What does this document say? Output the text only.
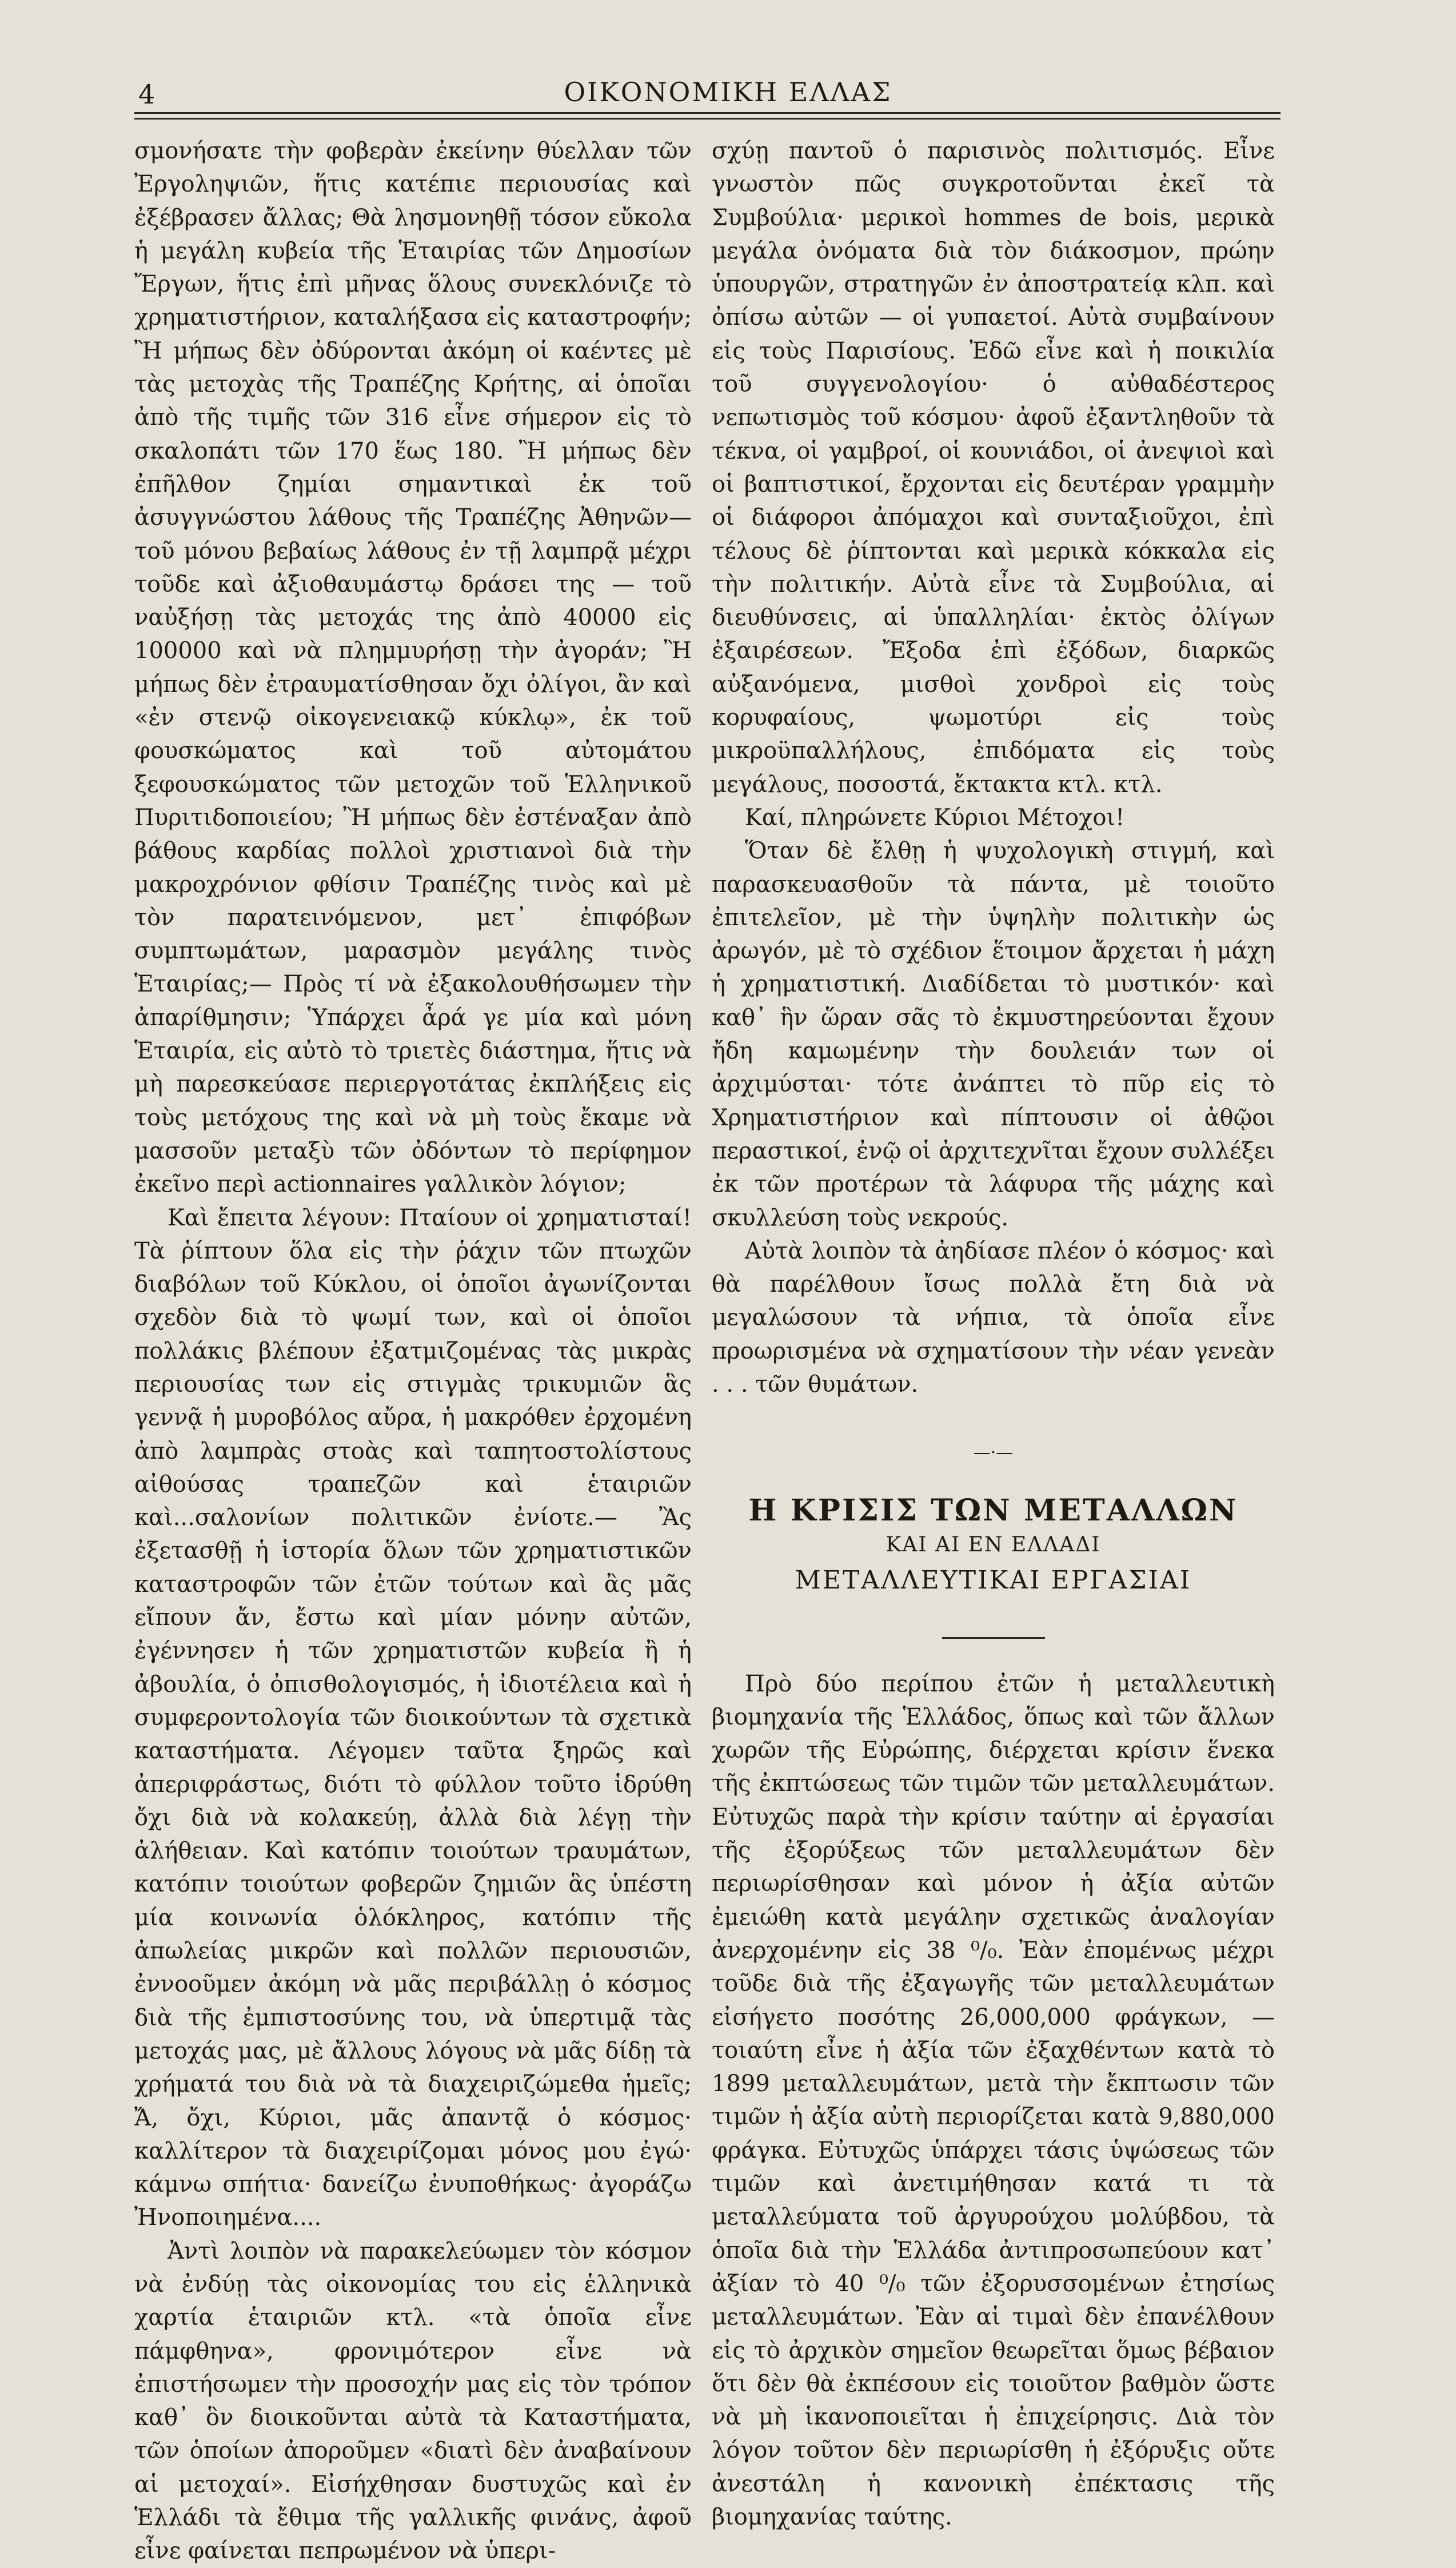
4	ΟΙΚΟΝΟΜΙΚΗ ΕΛΛΑΣ

σμονήσατε τὴν φοβερὰν ἐκείνην θύελλαν τῶν Ἐργοληψιῶν, ἥτις κατέπιε περιουσίας καὶ ἐξέβρασεν ἄλλας; Θὰ λησμονηθῇ τόσον εὔκολα ἡ μεγάλη κυβεία τῆς Ἑταιρίας τῶν Δημοσίων Ἔργων, ἥτις ἐπὶ μῆνας ὅλους συνεκλόνιζε τὸ χρηματιστήριον, καταλήξασα εἰς καταστροφήν; Ἢ μήπως δὲν ὀδύρονται ἀκόμη οἱ καέντες μὲ τὰς μετοχὰς τῆς Τραπέζης Κρήτης, αἱ ὁποῖαι ἀπὸ τῆς τιμῆς τῶν 316 εἶνε σήμερον εἰς τὸ σκαλοπάτι τῶν 170 ἕως 180. Ἢ μήπως δὲν ἐπῆλθον ζημίαι σημαντικαὶ ἐκ τοῦ ἀσυγγνώστου λάθους τῆς Τραπέζης Ἀθηνῶν—τοῦ μόνου βεβαίως λάθους ἐν τῇ λαμπρᾷ μέχρι τοῦδε καὶ ἀξιοθαυμάστῳ δράσει της — τοῦ ναὐξήσῃ τὰς μετοχάς της ἀπὸ 40000 εἰς 100000 καὶ νὰ πλημμυρήσῃ τὴν ἀγοράν; Ἢ μήπως δὲν ἐτραυματίσθησαν ὄχι ὀλίγοι, ἂν καὶ «ἐν στενῷ οἰκογενειακῷ κύκλῳ», ἐκ τοῦ φουσκώματος καὶ τοῦ αὐτομάτου ξεφουσκώματος τῶν μετοχῶν τοῦ Ἑλληνικοῦ Πυριτιδοποιείου; Ἢ μήπως δὲν ἐστέναξαν ἀπὸ βάθους καρδίας πολλοὶ χριστιανοὶ διὰ τὴν μακροχρόνιον φθίσιν Τραπέζης τινὸς καὶ μὲ τὸν παρατεινόμενον, μετ᾽ ἐπιφόβων συμπτωμάτων, μαρασμὸν μεγάλης τινὸς Ἑταιρίας;— Πρὸς τί νὰ ἐξακολουθήσωμεν τὴν ἀπαρίθμησιν; Ὑπάρχει ἆρά γε μία καὶ μόνη Ἑταιρία, εἰς αὐτὸ τὸ τριετὲς διάστημα, ἥτις νὰ μὴ παρεσκεύασε περιεργοτάτας ἐκπλήξεις εἰς τοὺς μετόχους της καὶ νὰ μὴ τοὺς ἔκαμε νὰ μασσοῦν μεταξὺ τῶν ὀδόντων τὸ περίφημον ἐκεῖνο περὶ actionnaires γαλλικὸν λόγιον;

Καὶ ἔπειτα λέγουν: Πταίουν οἱ χρηματισταί! Τὰ ῥίπτουν ὅλα εἰς τὴν ῥάχιν τῶν πτωχῶν διαβόλων τοῦ Κύκλου, οἱ ὁποῖοι ἀγωνίζονται σχεδὸν διὰ τὸ ψωμί των, καὶ οἱ ὁποῖοι πολλάκις βλέπουν ἐξατμιζομένας τὰς μικρὰς περιουσίας των εἰς στιγμὰς τρικυμιῶν ἃς γεννᾷ ἡ μυροβόλος αὔρα, ἡ μακρόθεν ἐρχομένη ἀπὸ λαμπρὰς στοὰς καὶ ταπητοστολίστους αἰθούσας τραπεζῶν καὶ ἑταιριῶν καὶ...σαλονίων πολιτικῶν ἐνίοτε.— Ἂς ἐξετασθῇ ἡ ἱστορία ὅλων τῶν χρηματιστικῶν καταστροφῶν τῶν ἐτῶν τούτων καὶ ἂς μᾶς εἴπουν ἄν, ἔστω καὶ μίαν μόνην αὐτῶν, ἐγέννησεν ἡ τῶν χρηματιστῶν κυβεία ἢ ἡ ἀβουλία, ὁ ὀπισθολογισμός, ἡ ἰδιοτέλεια καὶ ἡ συμφεροντολογία τῶν διοικούντων τὰ σχετικὰ καταστήματα. Λέγομεν ταῦτα ξηρῶς καὶ ἀπεριφράστως, διότι τὸ φύλλον τοῦτο ἱδρύθη ὄχι διὰ νὰ κολακεύῃ, ἀλλὰ διὰ λέγῃ τὴν ἀλήθειαν. Καὶ κατόπιν τοιούτων τραυμάτων, κατόπιν τοιούτων φοβερῶν ζημιῶν ἃς ὑπέστη μία κοινωνία ὁλόκληρος, κατόπιν τῆς ἀπωλείας μικρῶν καὶ πολλῶν περιουσιῶν, ἐννοοῦμεν ἀκόμη νὰ μᾶς περιβάλλῃ ὁ κόσμος διὰ τῆς ἐμπιστοσύνης του, νὰ ὑπερτιμᾷ τὰς μετοχάς μας, μὲ ἄλλους λόγους νὰ μᾶς δίδῃ τὰ χρήματά του διὰ νὰ τὰ διαχειριζώμεθα ἡμεῖς; Ἄ, ὄχι, Κύριοι, μᾶς ἀπαντᾷ ὁ κόσμος· καλλίτερον τὰ διαχειρίζομαι μόνος μου ἐγώ· κάμνω σπήτια· δανείζω ἐνυποθήκως· ἀγοράζω Ἠνοποιημένα....

Ἀντὶ λοιπὸν νὰ παρακελεύωμεν τὸν κόσμον νὰ ἐνδύῃ τὰς οἰκονομίας του εἰς ἑλληνικὰ χαρτία ἑταιριῶν κτλ. «τὰ ὁποῖα εἶνε πάμφθηνα», φρονιμότερον εἶνε νὰ ἐπιστήσωμεν τὴν προσοχήν μας εἰς τὸν τρόπον καθ᾽ ὃν διοικοῦνται αὐτὰ τὰ Καταστήματα, τῶν ὁποίων ἀποροῦμεν «διατὶ δὲν ἀναβαίνουν αἱ μετοχαί». Εἰσήχθησαν δυστυχῶς καὶ ἐν Ἑλλάδι τὰ ἔθιμα τῆς γαλλικῆς φινάνς, ἀφοῦ εἶνε φαίνεται πεπρωμένον νὰ ὑπερι-

σχύῃ παντοῦ ὁ παρισινὸς πολιτισμός. Εἶνε γνωστὸν πῶς συγκροτοῦνται ἐκεῖ τὰ Συμβούλια· μερικοὶ hommes de bois, μερικὰ μεγάλα ὀνόματα διὰ τὸν διάκοσμον, πρώην ὑπουργῶν, στρατηγῶν ἐν ἀποστρατείᾳ κλπ. καὶ ὀπίσω αὐτῶν — οἱ γυπαετοί. Αὐτὰ συμβαίνουν εἰς τοὺς Παρισίους. Ἐδῶ εἶνε καὶ ἡ ποικιλία τοῦ συγγενολογίου· ὁ αὐθαδέστερος νεπωτισμὸς τοῦ κόσμου· ἀφοῦ ἐξαντληθοῦν τὰ τέκνα, οἱ γαμβροί, οἱ κουνιάδοι, οἱ ἀνεψιοὶ καὶ οἱ βαπτιστικοί, ἔρχονται εἰς δευτέραν γραμμὴν οἱ διάφοροι ἀπόμαχοι καὶ συνταξιοῦχοι, ἐπὶ τέλους δὲ ῥίπτονται καὶ μερικὰ κόκκαλα εἰς τὴν πολιτικήν. Αὐτὰ εἶνε τὰ Συμβούλια, αἱ διευθύνσεις, αἱ ὑπαλληλίαι· ἐκτὸς ὀλίγων ἐξαιρέσεων. Ἔξοδα ἐπὶ ἐξόδων, διαρκῶς αὐξανόμενα, μισθοὶ χονδροὶ εἰς τοὺς κορυφαίους, ψωμοτύρι εἰς τοὺς μικροϋπαλλήλους, ἐπιδόματα εἰς τοὺς μεγάλους, ποσοστά, ἔκτακτα κτλ. κτλ.

Καί, πληρώνετε Κύριοι Μέτοχοι!

Ὅταν δὲ ἔλθῃ ἡ ψυχολογικὴ στιγμή, καὶ παρασκευασθοῦν τὰ πάντα, μὲ τοιοῦτο ἐπιτελεῖον, μὲ τὴν ὑψηλὴν πολιτικὴν ὡς ἀρωγόν, μὲ τὸ σχέδιον ἕτοιμον ἄρχεται ἡ μάχη ἡ χρηματιστική. Διαδίδεται τὸ μυστικόν· καὶ καθ᾽ ἣν ὥραν σᾶς τὸ ἐκμυστηρεύονται ἔχουν ἤδη καμωμένην τὴν δουλειάν των οἱ ἀρχιμύσται· τότε ἀνάπτει τὸ πῦρ εἰς τὸ Χρηματιστήριον καὶ πίπτουσιν οἱ ἀθῷοι περαστικοί, ἐνῷ οἱ ἀρχιτεχνῖται ἔχουν συλλέξει ἐκ τῶν προτέρων τὰ λάφυρα τῆς μάχης καὶ σκυλλεύση τοὺς νεκρούς.

Αὐτὰ λοιπὸν τὰ ἀηδίασε πλέον ὁ κόσμος· καὶ θὰ παρέλθουν ἴσως πολλὰ ἔτη διὰ νὰ μεγαλώσουν τὰ νήπια, τὰ ὁποῖα εἶνε προωρισμένα νὰ σχηματίσουν τὴν νέαν γενεὰν . . . τῶν θυμάτων.

—·—
Η ΚΡΙΣΙΣ ΤΩΝ ΜΕΤΑΛΛΩΝ
ΚΑΙ ΑΙ ΕΝ ΕΛΛΑΔΙ
ΜΕΤΑΛΛΕΥΤΙΚΑΙ ΕΡΓΑΣΙΑΙ

Πρὸ δύο περίπου ἐτῶν ἡ μεταλλευτικὴ βιομηχανία τῆς Ἑλλάδος, ὅπως καὶ τῶν ἄλλων χωρῶν τῆς Εὐρώπης, διέρχεται κρίσιν ἕνεκα τῆς ἐκπτώσεως τῶν τιμῶν τῶν μεταλλευμάτων. Εὐτυχῶς παρὰ τὴν κρίσιν ταύτην αἱ ἐργασίαι τῆς ἐξορύξεως τῶν μεταλλευμάτων δὲν περιωρίσθησαν καὶ μόνον ἡ ἀξία αὐτῶν ἐμειώθη κατὰ μεγάλην σχετικῶς ἀναλογίαν ἀνερχομένην εἰς 38 ⁰/₀. Ἐὰν ἐπομένως μέχρι τοῦδε διὰ τῆς ἐξαγωγῆς τῶν μεταλλευμάτων εἰσήγετο ποσότης 26,000,000 φράγκων, — τοιαύτη εἶνε ἡ ἀξία τῶν ἐξαχθέντων κατὰ τὸ 1899 μεταλλευμάτων, μετὰ τὴν ἔκπτωσιν τῶν τιμῶν ἡ ἀξία αὐτὴ περιορίζεται κατὰ 9,880,000 φράγκα. Εὐτυχῶς ὑπάρχει τάσις ὑψώσεως τῶν τιμῶν καὶ ἀνετιμήθησαν κατά τι τὰ μεταλλεύματα τοῦ ἀργυρούχου μολύβδου, τὰ ὁποῖα διὰ τὴν Ἑλλάδα ἀντιπροσωπεύουν κατ᾽ ἀξίαν τὸ 40 ⁰/₀ τῶν ἐξορυσσομένων ἐτησίως μεταλλευμάτων. Ἐὰν αἱ τιμαὶ δὲν ἐπανέλθουν εἰς τὸ ἀρχικὸν σημεῖον θεωρεῖται ὅμως βέβαιον ὅτι δὲν θὰ ἐκπέσουν εἰς τοιοῦτον βαθμὸν ὥστε νὰ μὴ ἱκανοποιεῖται ἡ ἐπιχείρησις. Διὰ τὸν λόγον τοῦτον δὲν περιωρίσθη ἡ ἐξόρυξις οὔτε ἀνεστάλη ἡ κανονικὴ ἐπέκτασις τῆς βιομηχανίας ταύτης.
